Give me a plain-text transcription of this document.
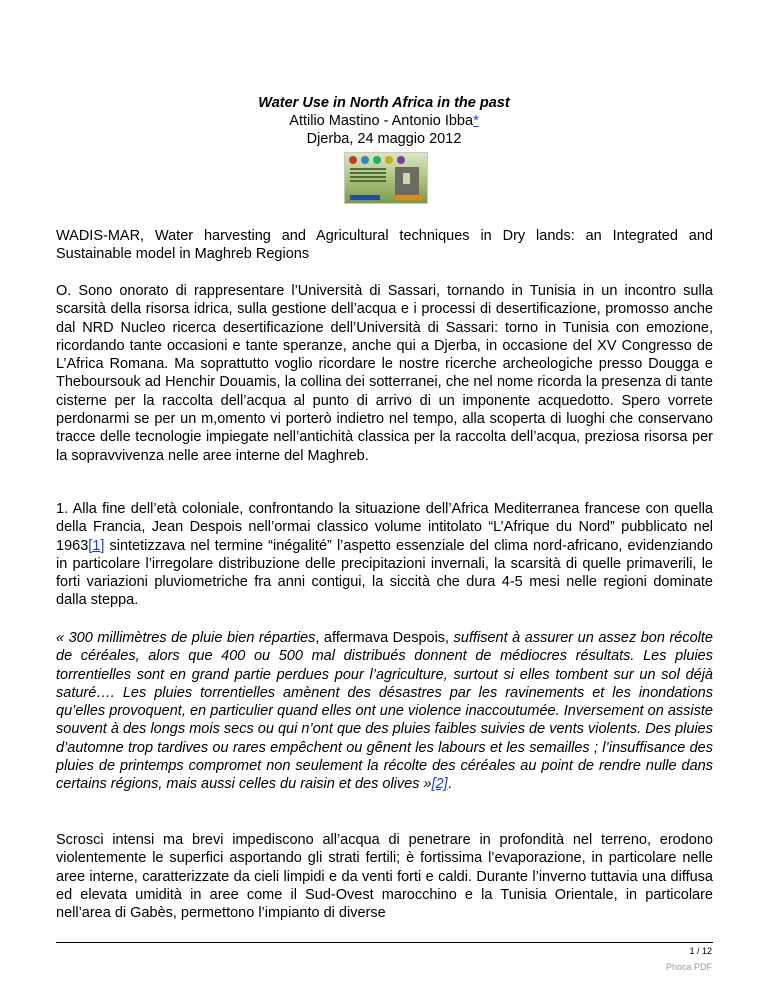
Water Use in North Africa in the past
Attilio Mastino - Antonio Ibba*
Djerba, 24 maggio 2012
WADIS-MAR, Water harvesting and Agricultural techniques in Dry lands: an Integrated and Sustainable model in Maghreb Regions
O. Sono onorato di rappresentare l’Università di Sassari, tornando in Tunisia in un incontro sulla scarsità della risorsa idrica, sulla gestione dell’acqua e i processi di desertificazione, promosso anche dal NRD Nucleo ricerca desertificazione dell’Università di Sassari: torno in Tunisia con emozione, ricordando tante occasioni e tante speranze, anche qui a Djerba, in occasione del XV Congresso de L’Africa Romana. Ma soprattutto voglio ricordare le nostre ricerche archeologiche presso Dougga e Theboursouk ad Henchir Douamis, la collina dei sotterranei, che nel nome ricorda la presenza di tante cisterne per la raccolta dell’acqua al punto di arrivo di un imponente acquedotto. Spero vorrete perdonarmi se per un m,omento vi porterò indietro nel tempo, alla scoperta di luoghi che conservano tracce delle tecnologie impiegate nell’antichità classica per la raccolta dell’acqua, preziosa risorsa per la sopravvivenza nelle aree interne del Maghreb.
1. Alla fine dell’età coloniale, confrontando la situazione dell’Africa Mediterranea francese con quella della Francia, Jean Despois nell’ormai classico volume intitolato “L’Afrique du Nord” pubblicato nel 1963[1] sintetizzava nel termine “inégalité” l’aspetto essenziale del clima nord-africano, evidenziando in particolare l’irregolare distribuzione delle precipitazioni invernali, la scarsità di quelle primaverili, le forti variazioni pluviometriche fra anni contigui, la siccità che dura 4-5 mesi nelle regioni dominate dalla steppa.
« 300 millimètres de pluie bien réparties, affermava Despois, suffisent à assurer un assez bon récolte de céréales, alors que 400 ou 500 mal distribués donnent de médiocres résultats. Les pluies torrentielles sont en grand partie perdues pour l’agriculture, surtout si elles tombent sur un sol déjà saturé…. Les pluies torrentielles amènent des désastres par les ravinements et les inondations qu’elles provoquent, en particulier quand elles ont une violence inaccoutumée. Inversement on assiste souvent à des longs mois secs ou qui n’ont que des pluies faibles suivies de vents violents. Des pluies d’automne trop tardives ou rares empêchent ou gênent les labours et les semailles ; l’insuffisance des pluies de printemps compromet non seulement la récolte des céréales au point de rendre nulle dans certains régions, mais aussi celles du raisin et des olives »[2].
Scrosci intensi ma brevi impediscono all’acqua di penetrare in profondità nel terreno, erodono violentemente le superfici asportando gli strati fertili; è fortissima l’evaporazione, in particolare nelle aree interne, caratterizzate da cieli limpidi e da venti forti e caldi. Durante l’inverno tuttavia una diffusa ed elevata umidità in aree come il Sud-Ovest marocchino e la Tunisia Orientale, in particolare nell’area di Gabès, permettono l’impianto di diverse
1 / 12
Phoca PDF
